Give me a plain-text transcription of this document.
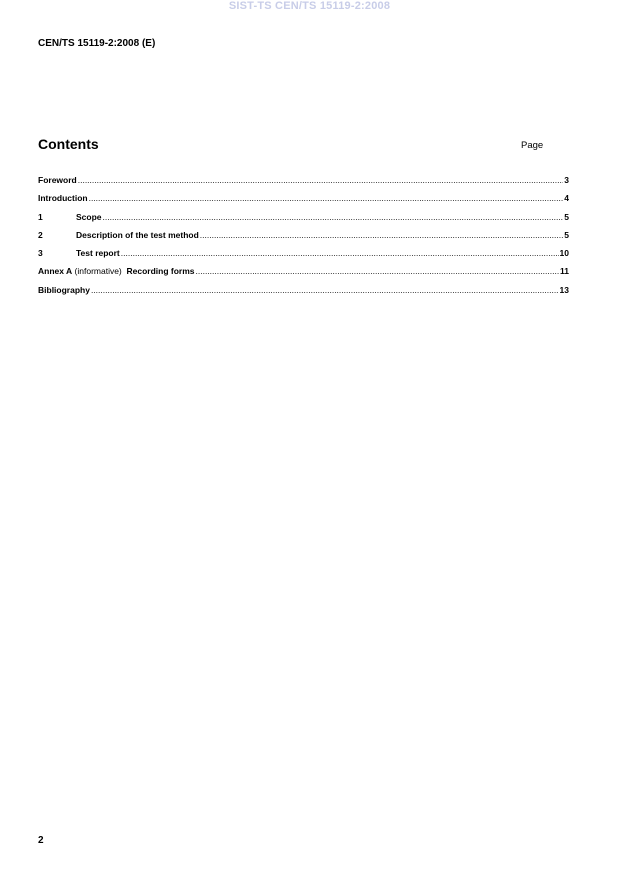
SIST-TS CEN/TS 15119-2:2008
CEN/TS 15119-2:2008 (E)
Contents	Page
Foreword .....	3
Introduction .....	4
1	Scope .....	5
2	Description of the test method .....	5
3	Test report .....	10
Annex A (informative)  Recording forms .....	11
Bibliography .....	13
2
